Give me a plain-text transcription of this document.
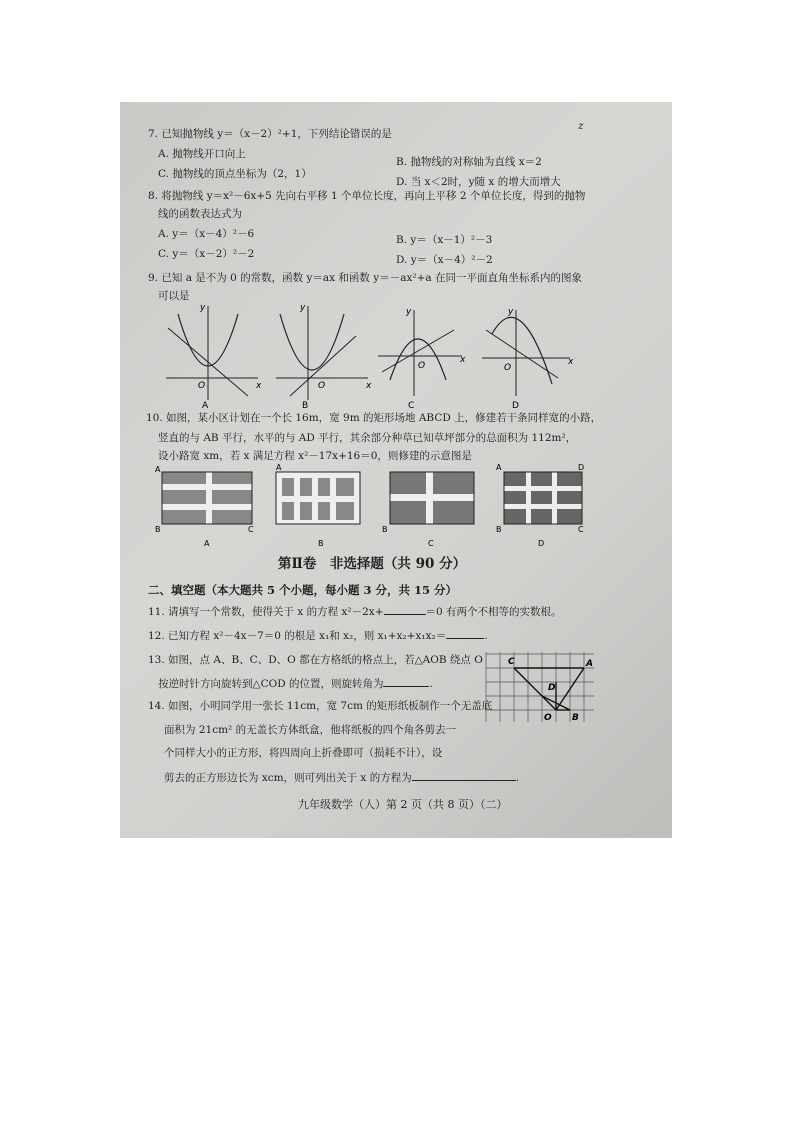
z
7. 已知抛物线 y＝（x－2）²+1，下列结论错误的是
A. 抛物线开口向上
B. 抛物线的对称轴为直线 x＝2
C. 抛物线的顶点坐标为（2，1）
D. 当 x＜2时，y随 x 的增大而增大
8. 将抛物线 y＝x²－6x+5 先向右平移 1 个单位长度，再向上平移 2 个单位长度，得到的抛物
线的函数表达式为
A. y＝（x－4）²－6	B. y＝（x－1）²－3
C. y＝（x－2）²－2	D. y＝（x－4）²－2
9. 已知 a 是不为 0 的常数，函数 y＝ax 和函数 y＝－ax²+a 在同一平面直角坐标系内的图象
可以是
x
y
O
A
x
y
O
B
x
y
O
C
x
y
O
D
10. 如图，某小区计划在一个长 16m，宽 9m 的矩形场地 ABCD 上，修建若干条同样宽的小路，
竖直的与 AB 平行，水平的与 AD 平行，其余部分种草已知草坪部分的总面积为 112m²，
设小路宽 xm，若 x 满足方程 x²－17x+16＝0，则修建的示意图是
A
B	C
A
A
B
B
C
A	D
B	C
D
第Ⅱ卷　非选择题（共 90 分）
二、填空题（本大题共 5 个小题，每小题 3 分，共 15 分）
11. 请填写一个常数，使得关于 x 的方程 x²－2x+	＝0 有两个不相等的实数根。
12. 已知方程 x²－4x－7＝0 的根是 x₁和 x₂，则 x₁+x₂+x₁x₂＝	.
13. 如图，点 A、B、C、D、O 都在方格纸的格点上，若△AOB 绕点 O
按逆时针方向旋转到△COD 的位置，则旋转角为	.
C	A
D
O B
14. 如图，小明同学用一张长 11cm，宽 7cm 的矩形纸板制作一个无盖底
面积为 21cm² 的无盖长方体纸盒，他将纸板的四个角各剪去一
个同样大小的正方形，将四周向上折叠即可（损耗不计），设
剪去的正方形边长为 xcm，则可列出关于 x 的方程为	.
九年级数学（人）第 2 页（共 8 页）（二）
